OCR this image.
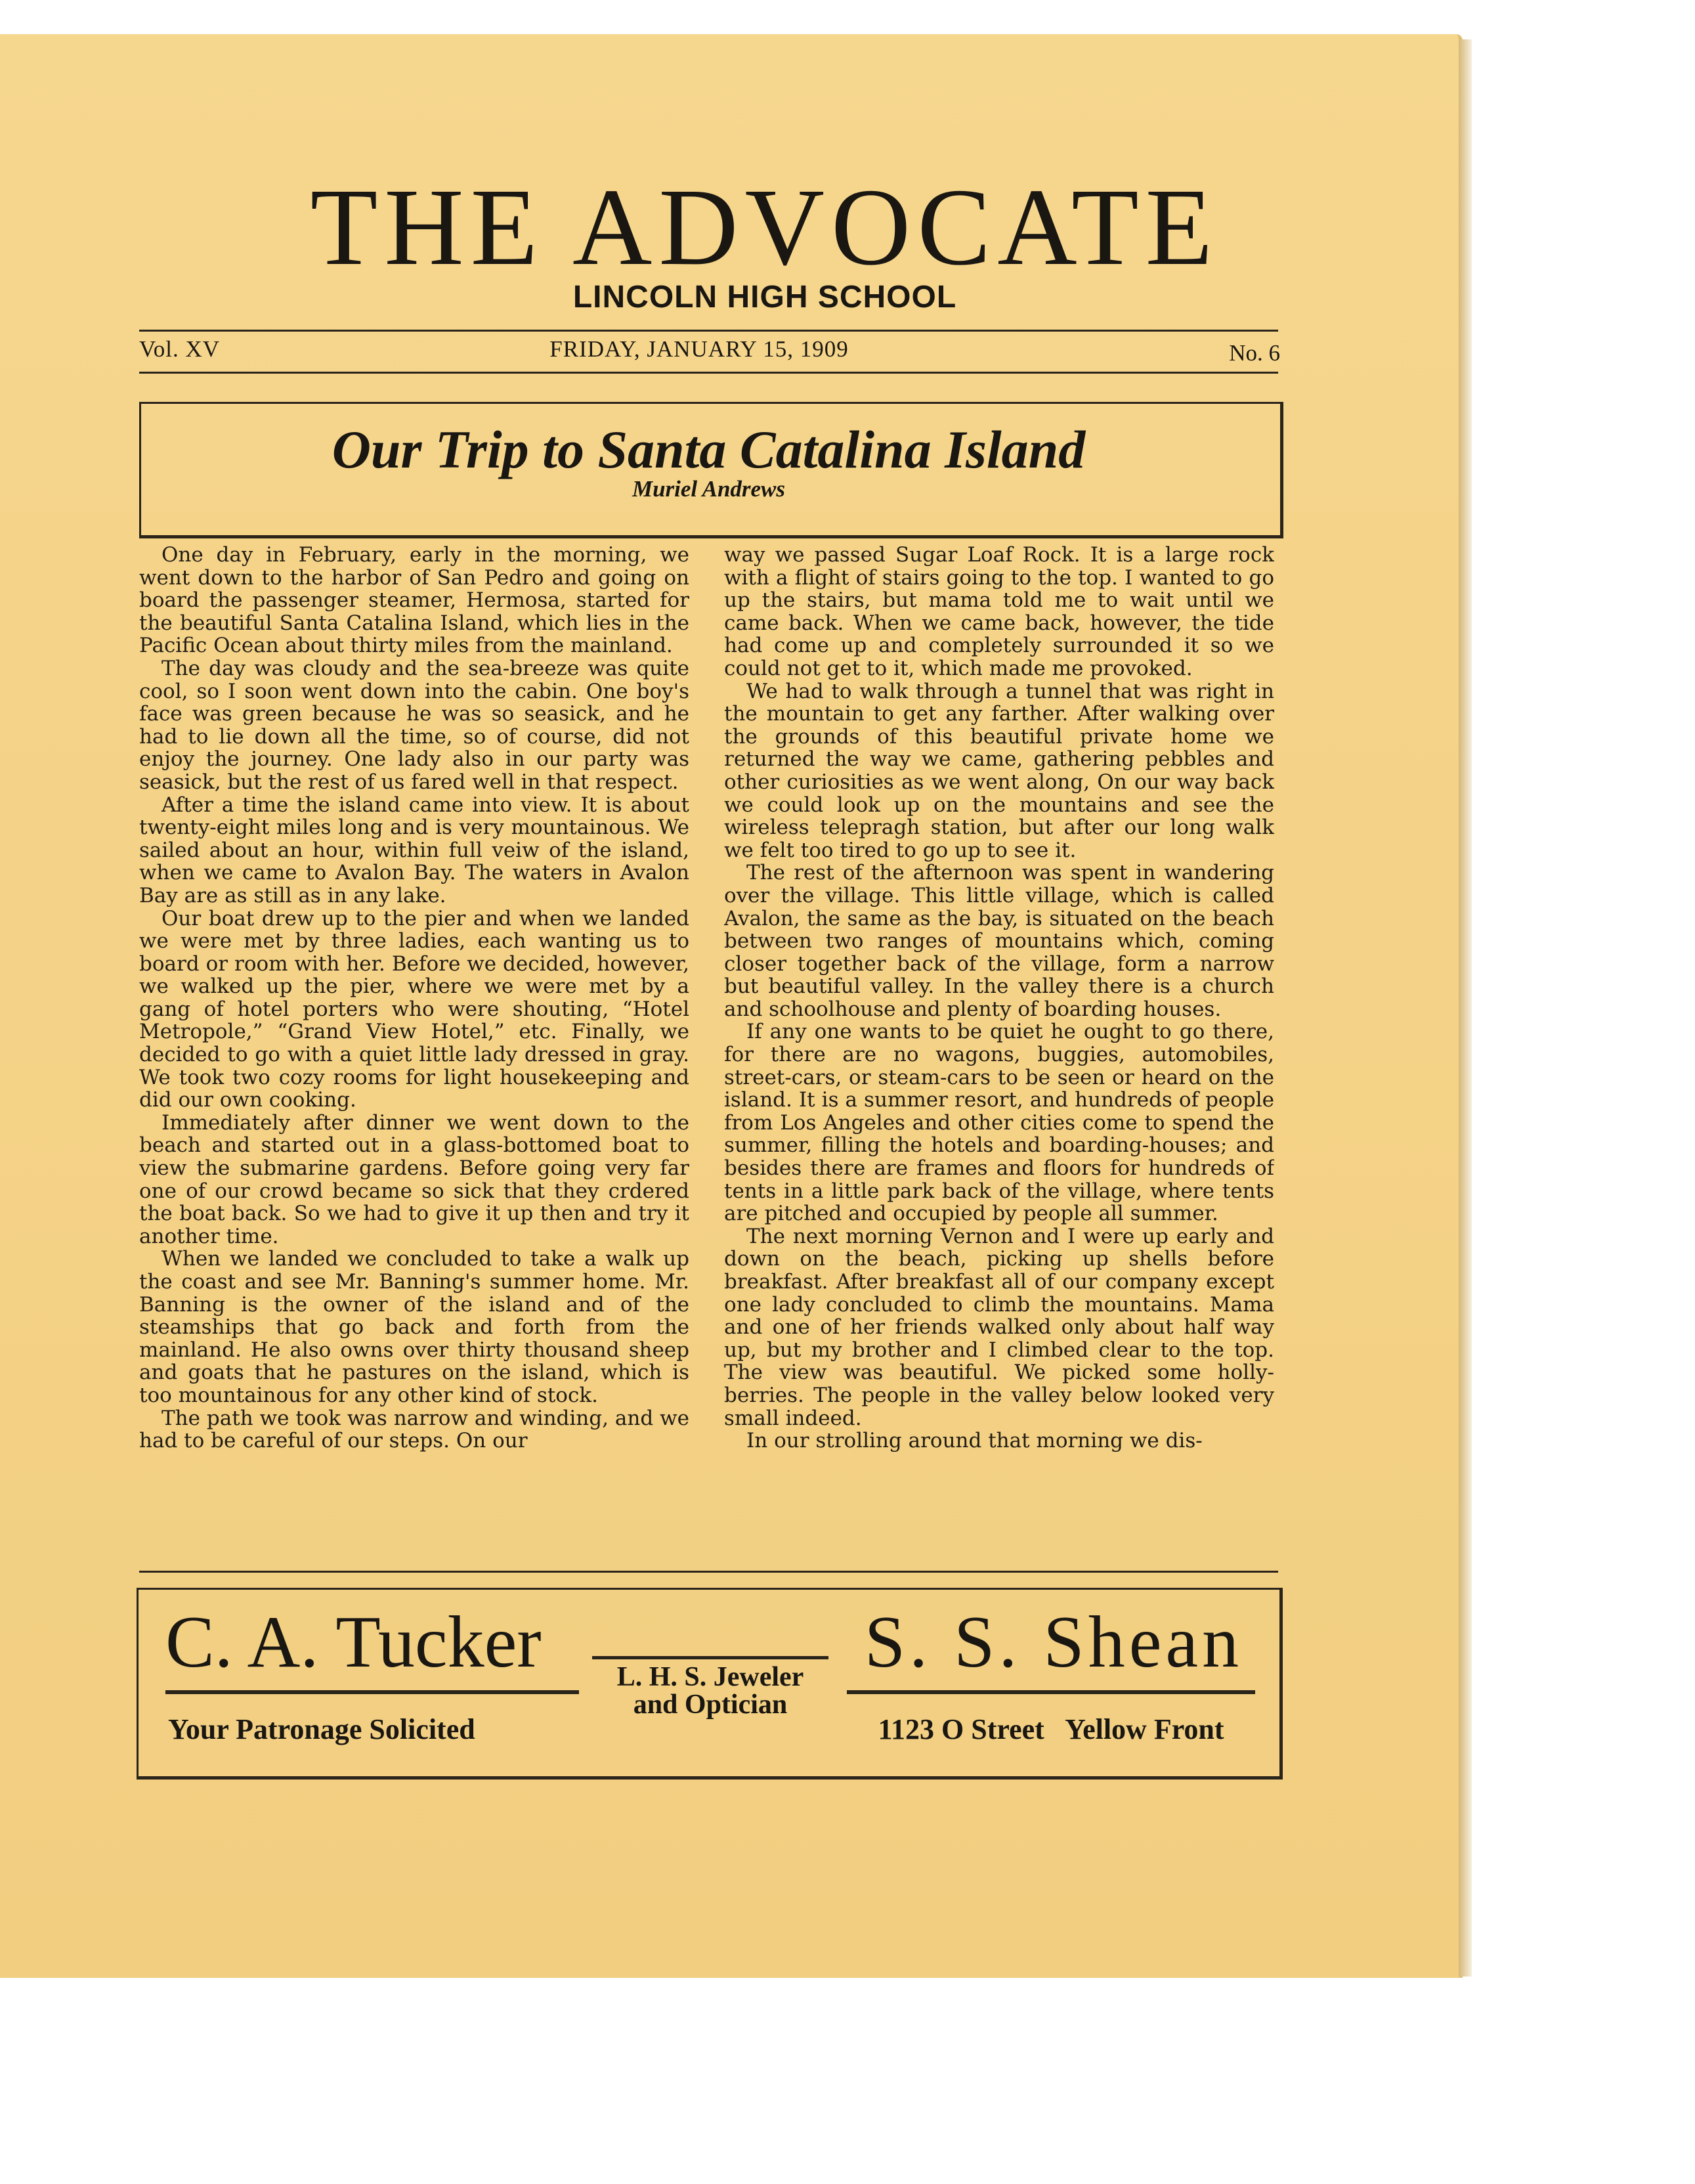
THE ADVOCATE
LINCOLN HIGH SCHOOL
Vol. XV	FRIDAY, JANUARY 15, 1909	No. 6
Our Trip to Santa Catalina Island
Muriel Andrews

One day in February, early in the morning, we went down to the harbor of San Pedro and going on board the passenger steamer, Hermosa, started for the beautiful Santa Catalina Island, which lies in the Pacific Ocean about thirty miles from the mainland.

The day was cloudy and the sea-breeze was quite cool, so I soon went down into the cabin. One boy's face was green because he was so seasick, and he had to lie down all the time, so of course, did not enjoy the journey. One lady also in our party was seasick, but the rest of us fared well in that respect.

After a time the island came into view. It is about twenty-eight miles long and is very mountainous. We sailed about an hour, within full veiw of the island, when we came to Avalon Bay. The waters in Avalon Bay are as still as in any lake.

Our boat drew up to the pier and when we landed we were met by three ladies, each wanting us to board or room with her. Before we decided, however, we walked up the pier, where we were met by a gang of hotel porters who were shouting, “Hotel Metropole,” “Grand View Hotel,” etc. Finally, we decided to go with a quiet little lady dressed in gray. We took two cozy rooms for light housekeeping and did our own cooking.

Immediately after dinner we went down to the beach and started out in a glass-bottomed boat to view the submarine gardens. Before going very far one of our crowd became so sick that they crdered the boat back. So we had to give it up then and try it another time.

When we landed we concluded to take a walk up the coast and see Mr. Banning's summer home. Mr. Banning is the owner of the island and of the steamships that go back and forth from the mainland. He also owns over thirty thousand sheep and goats that he pastures on the island, which is too mountainous for any other kind of stock.

The path we took was narrow and winding, and we had to be careful of our steps. On our

way we passed Sugar Loaf Rock. It is a large rock with a flight of stairs going to the top. I wanted to go up the stairs, but mama told me to wait until we came back. When we came back, however, the tide had come up and completely surrounded it so we could not get to it, which made me provoked.

We had to walk through a tunnel that was right in the mountain to get any farther. After walking over the grounds of this beautiful private home we returned the way we came, gathering pebbles and other curiosities as we went along, On our way back we could look up on the mountains and see the wireless telepragh station, but after our long walk we felt too tired to go up to see it.

The rest of the afternoon was spent in wandering over the village. This little village, which is called Avalon, the same as the bay, is situated on the beach between two ranges of mountains which, coming closer together back of the village, form a narrow but beautiful valley. In the valley there is a church and schoolhouse and plenty of boarding houses.

If any one wants to be quiet he ought to go there, for there are no wagons, buggies, automobiles, street-cars, or steam-cars to be seen or heard on the island. It is a summer resort, and hundreds of people from Los Angeles and other cities come to spend the summer, filling the hotels and boarding-houses; and besides there are frames and floors for hundreds of tents in a little park back of the village, where tents are pitched and occupied by people all summer.

The next morning Vernon and I were up early and down on the beach, picking up shells before breakfast. After breakfast all of our company except one lady concluded to climb the mountains. Mama and one of her friends walked only about half way up, but my brother and I climbed clear to the top. The view was beautiful. We picked some holly-berries. The people in the valley below looked very small indeed.

In our strolling around that morning we dis-

C. A. Tucker
Your Patronage Solicited
L. H. S. Jeweler
and Optician
S. S. Shean
1123 O Street   Yellow Front
